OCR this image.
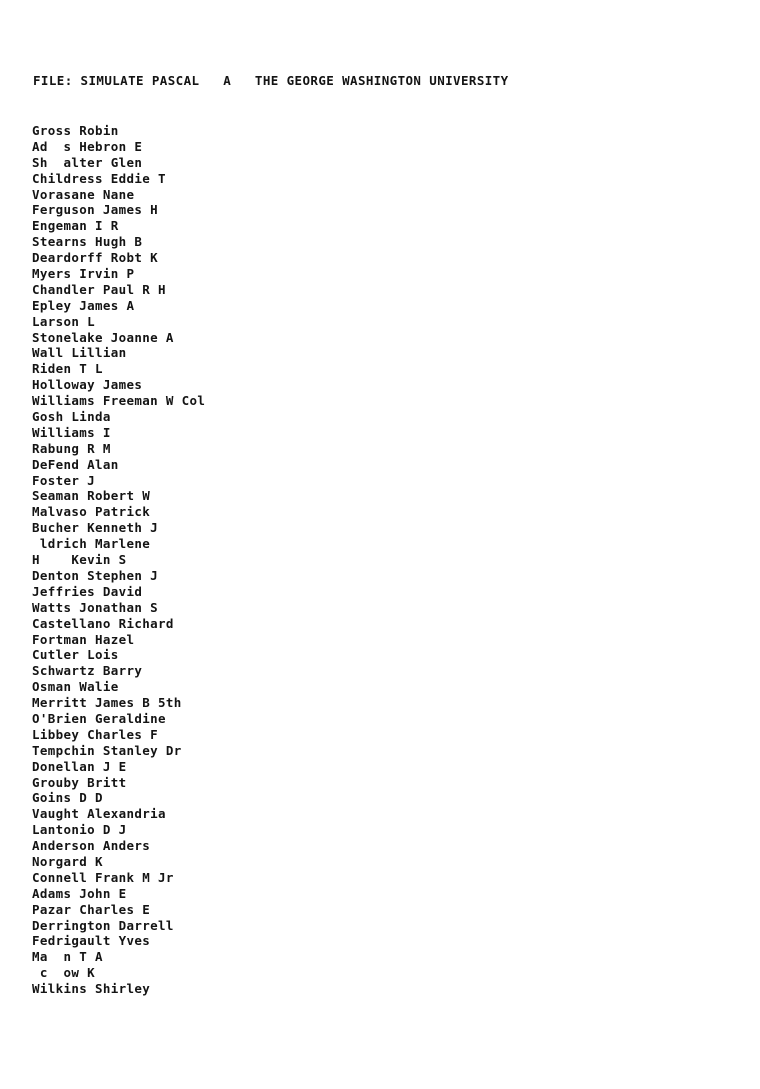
FILE: SIMULATE PASCAL   A   THE GEORGE WASHINGTON UNIVERSITY
Gross Robin
Ad  s Hebron E
Sh  alter Glen
Childress Eddie T
Vorasane Nane
Ferguson James H
Engeman I R
Stearns Hugh B
Deardorff Robt K
Myers Irvin P
Chandler Paul R H
Epley James A
Larson L
Stonelake Joanne A
Wall Lillian
Riden T L
Holloway James
Williams Freeman W Col
Gosh Linda
Williams I
Rabung R M
DeFend Alan
Foster J
Seaman Robert W
Malvaso Patrick
Bucher Kenneth J
ldrich Marlene
H    Kevin S
Denton Stephen J
Jeffries David
Watts Jonathan S
Castellano Richard
Fortman Hazel
Cutler Lois
Schwartz Barry
Osman Walie
Merritt James B 5th
O'Brien Geraldine
Libbey Charles F
Tempchin Stanley Dr
Donellan J E
Grouby Britt
Goins D D
Vaught Alexandria
Lantonio D J
Anderson Anders
Norgard K
Connell Frank M Jr
Adams John E
Pazar Charles E
Derrington Darrell
Fedrigault Yves
Ma  n T A
c  ow K
Wilkins Shirley
